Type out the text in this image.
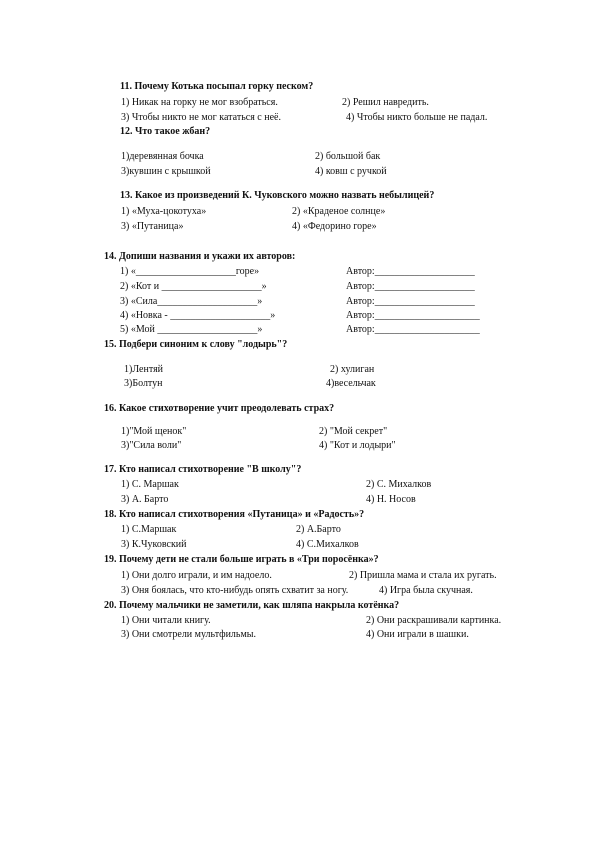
11. Почему Котька посыпал горку песком?
1) Никак на горку не мог взобраться.	2) Решил навредить.
3) Чтобы никто не мог кататься с неё.	4) Чтобы никто больше не падал.
12. Что такое жбан?
1)деревянная бочка	2) большой бак
3)кувшин с крышкой	4) ковш с ручкой
13. Какое из произведений К. Чуковского можно назвать небылицей?
1) «Муха-цокотуха»	2) «Краденое солнце»
3) «Путаница»	4) «Федорино горе»
14. Допиши названия и укажи их авторов:
1) «____________________горе»	Автор:____________________
2) «Кот и ____________________»	Автор:____________________
3) «Сила____________________»	Автор:____________________
4) «Новка - ____________________»	Автор:_____________________
5) «Мой ____________________»	Автор:_____________________
15. Подбери синоним к слову "лодырь"?
1)Лентяй	2) хулиган
3)Болтун	4)весельчак
16. Какое стихотворение учит преодолевать страх?
1)"Мой щенок"	2) "Мой секрет"
3)"Сила воли"	4) "Кот и лодыри"
17. Кто написал стихотворение "В школу"?
1) С. Маршак	2) С. Михалков
3) А. Барто	4) Н. Носов
18. Кто написал стихотворения «Путаница» и «Радость»?
1) С.Маршак	2) А.Барто
3) К.Чуковский	4) С.Михалков
19. Почему дети не стали больше играть в «Три поросёнка»?
1) Они долго играли, и им надоело.	2) Пришла мама и стала их ругать.
3) Оня боялась, что кто-нибудь опять схватит за ногу.	4) Игра была скучная.
20. Почему мальчики не заметили, как шляпа накрыла котёнка?
1) Они читали книгу.	2) Они раскрашивали картинка.
3) Они смотрели мультфильмы.	4) Они играли в шашки.
